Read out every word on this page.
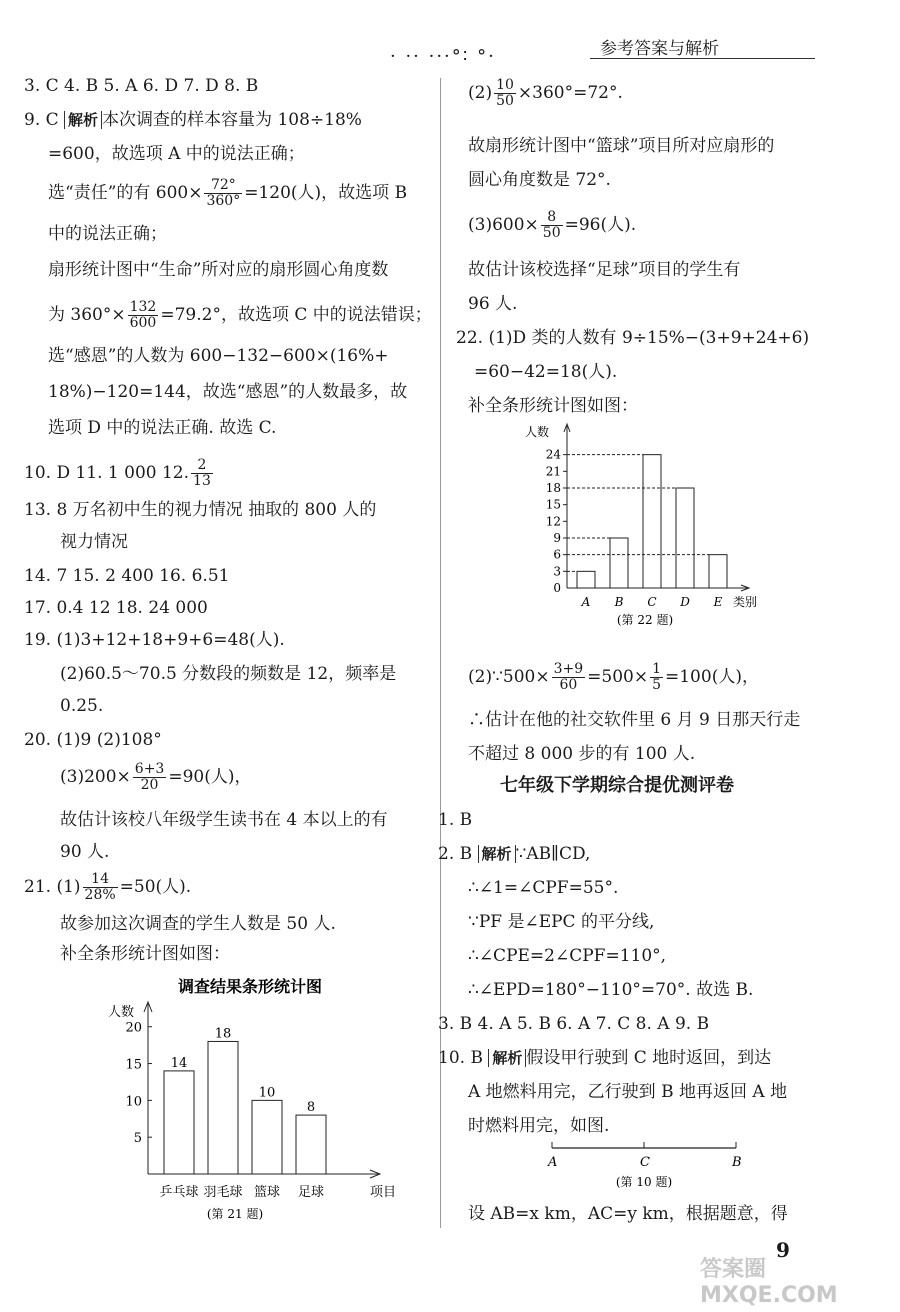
· ·· ···°∶ °·	参考答案与解析
3. C 4. B 5. A 6. D 7. D 8. B
9. C 解析 本次调查的样本容量为 108÷18%
=600，故选项 A 中的说法正确；
选“责任”的有 $600\times \frac{72^\circ}{360^\circ} =120$(人)，故选项 B
中的说法正确；
扇形统计图中“生命”所对应的扇形圆心角度数
为 $360^\circ\times \frac{132}{600} =79.2^\circ$，故选项 C 中的说法错误；
选“感恩”的人数为 600−132−600×(16%+
18%)−120=144，故选“感恩”的人数最多，故
选项 D 中的说法正确. 故选 C.
10. D 11. 1 000 12. $\frac{2}{13}$
13. 8 万名初中生的视力情况 抽取的 800 人的
视力情况
14. 7 15. 2 400 16. 6.51
17. 0.4 12 18. 24 000
19. (1)3+12+18+9+6=48(人).
(2)60.5～70.5 分数段的频数是 12，频率是
0.25.
20. (1)9 (2)108°
$(3)200\times \frac{6+3}{20} =90$(人)，
故估计该校八年级学生读书在 4 本以上的有
90 人.
21. $(1) \frac{14}{28\%} =50$(人).
故参加这次调查的学生人数是 50 人.
补全条形统计图如图：
调查结果条形统计图
人数
5
10
15
20
14
乒乓球
18
羽毛球
10
篮球
8
足球	项目
(第 21 题)
$(2) \frac{10}{50} \times 360^\circ=72^\circ$.
故扇形统计图中“篮球”项目所对应扇形的
圆心角度数是 72°.
$(3)600\times \frac{8}{50} =96$(人).
故估计该校选择“足球”项目的学生有
96 人.
22. (1)D 类的人数有 9÷15%−(3+9+24+6)
=60−42=18(人).
补全条形统计图如图：
(2)∵500× $\frac{3+9}{60} =500\times \frac{1}{5} =100$(人)，
∴估计在他的社交软件里 6 月 9 日那天行走
不超过 8 000 步的有 100 人.
七年级下学期综合提优测评卷
1. B
2. B 解析 ∵AB∥CD,
∴∠1=∠CPF=55°.
∵PF 是∠EPC 的平分线,
∴∠CPE=2∠CPF=110°,
∴∠EPD=180°−110°=70°. 故选 B.
3. B 4. A 5. B 6. A 7. C 8. A 9. B
10. B 解析 假设甲行驶到 C 地时返回，到达
A 地燃料用完，乙行驶到 B 地再返回 A 地
时燃料用完，如图.
设 AB=x km，AC=y km，根据题意，得
人数
0
3
6
9
12
15
18
21
24
A B C D E 类别
(第 22 题)
A	C	B
(第 10 题)
9
答案圈 MXQE.COM
